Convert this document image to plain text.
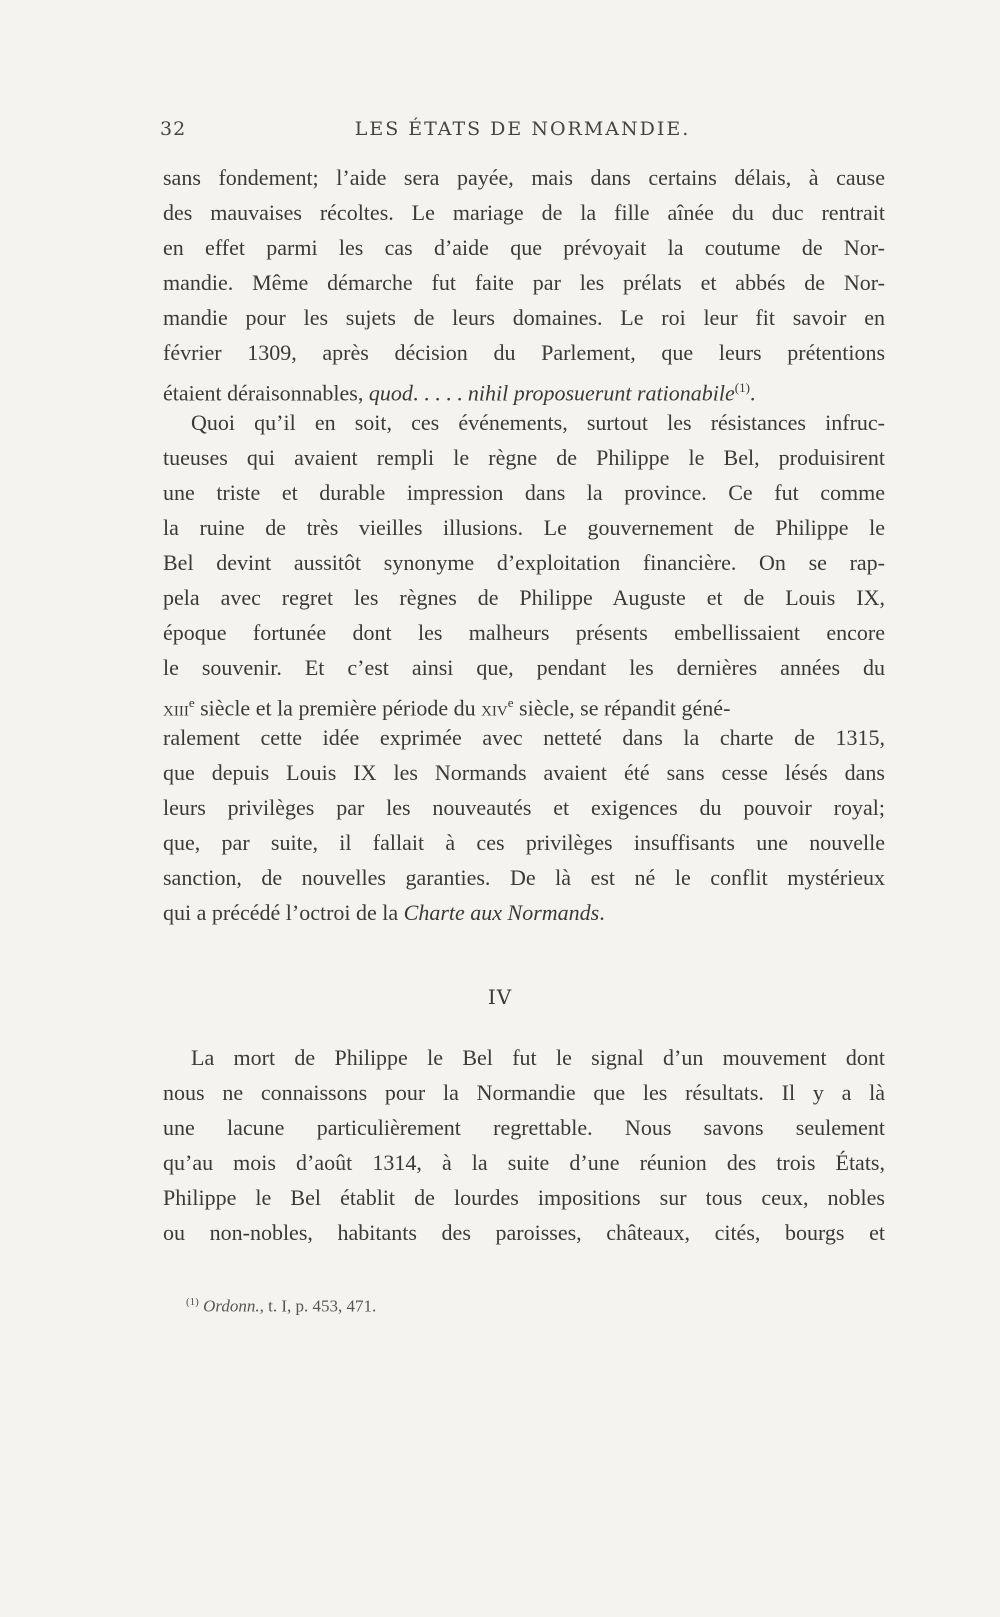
32	LES ÉTATS DE NORMANDIE.
sans fondement; l’aide sera payée, mais dans certains délais, à cause
des mauvaises récoltes. Le mariage de la fille aînée du duc rentrait
en effet parmi les cas d’aide que prévoyait la coutume de Nor-
mandie. Même démarche fut faite par les prélats et abbés de Nor-
mandie pour les sujets de leurs domaines. Le roi leur fit savoir en
février 1309, après décision du Parlement, que leurs prétentions
étaient déraisonnables, quod. . . . . nihil proposuerunt rationabile$^{(1)}$.
Quoi qu’il en soit, ces événements, surtout les résistances infruc-
tueuses qui avaient rempli le règne de Philippe le Bel, produisirent
une triste et durable impression dans la province. Ce fut comme
la ruine de très vieilles illusions. Le gouvernement de Philippe le
Bel devint aussitôt synonyme d’exploitation financière. On se rap-
pela avec regret les règnes de Philippe Auguste et de Louis IX,
époque fortunée dont les malheurs présents embellissaient encore
le souvenir. Et c’est ainsi que, pendant les dernières années du
xiii$^e$ siècle et la première période du xiv$^e$ siècle, se répandit géné-
ralement cette idée exprimée avec netteté dans la charte de 1315,
que depuis Louis IX les Normands avaient été sans cesse lésés dans
leurs privilèges par les nouveautés et exigences du pouvoir royal;
que, par suite, il fallait à ces privilèges insuffisants une nouvelle
sanction, de nouvelles garanties. De là est né le conflit mystérieux
qui a précédé l’octroi de la Charte aux Normands.
IV
La mort de Philippe le Bel fut le signal d’un mouvement dont
nous ne connaissons pour la Normandie que les résultats. Il y a là
une lacune particulièrement regrettable. Nous savons seulement
qu’au mois d’août 1314, à la suite d’une réunion des trois États,
Philippe le Bel établit de lourdes impositions sur tous ceux, nobles
ou non-nobles, habitants des paroisses, châteaux, cités, bourgs et
$^{(1)}$ Ordonn., t. I, p. 453, 471.
